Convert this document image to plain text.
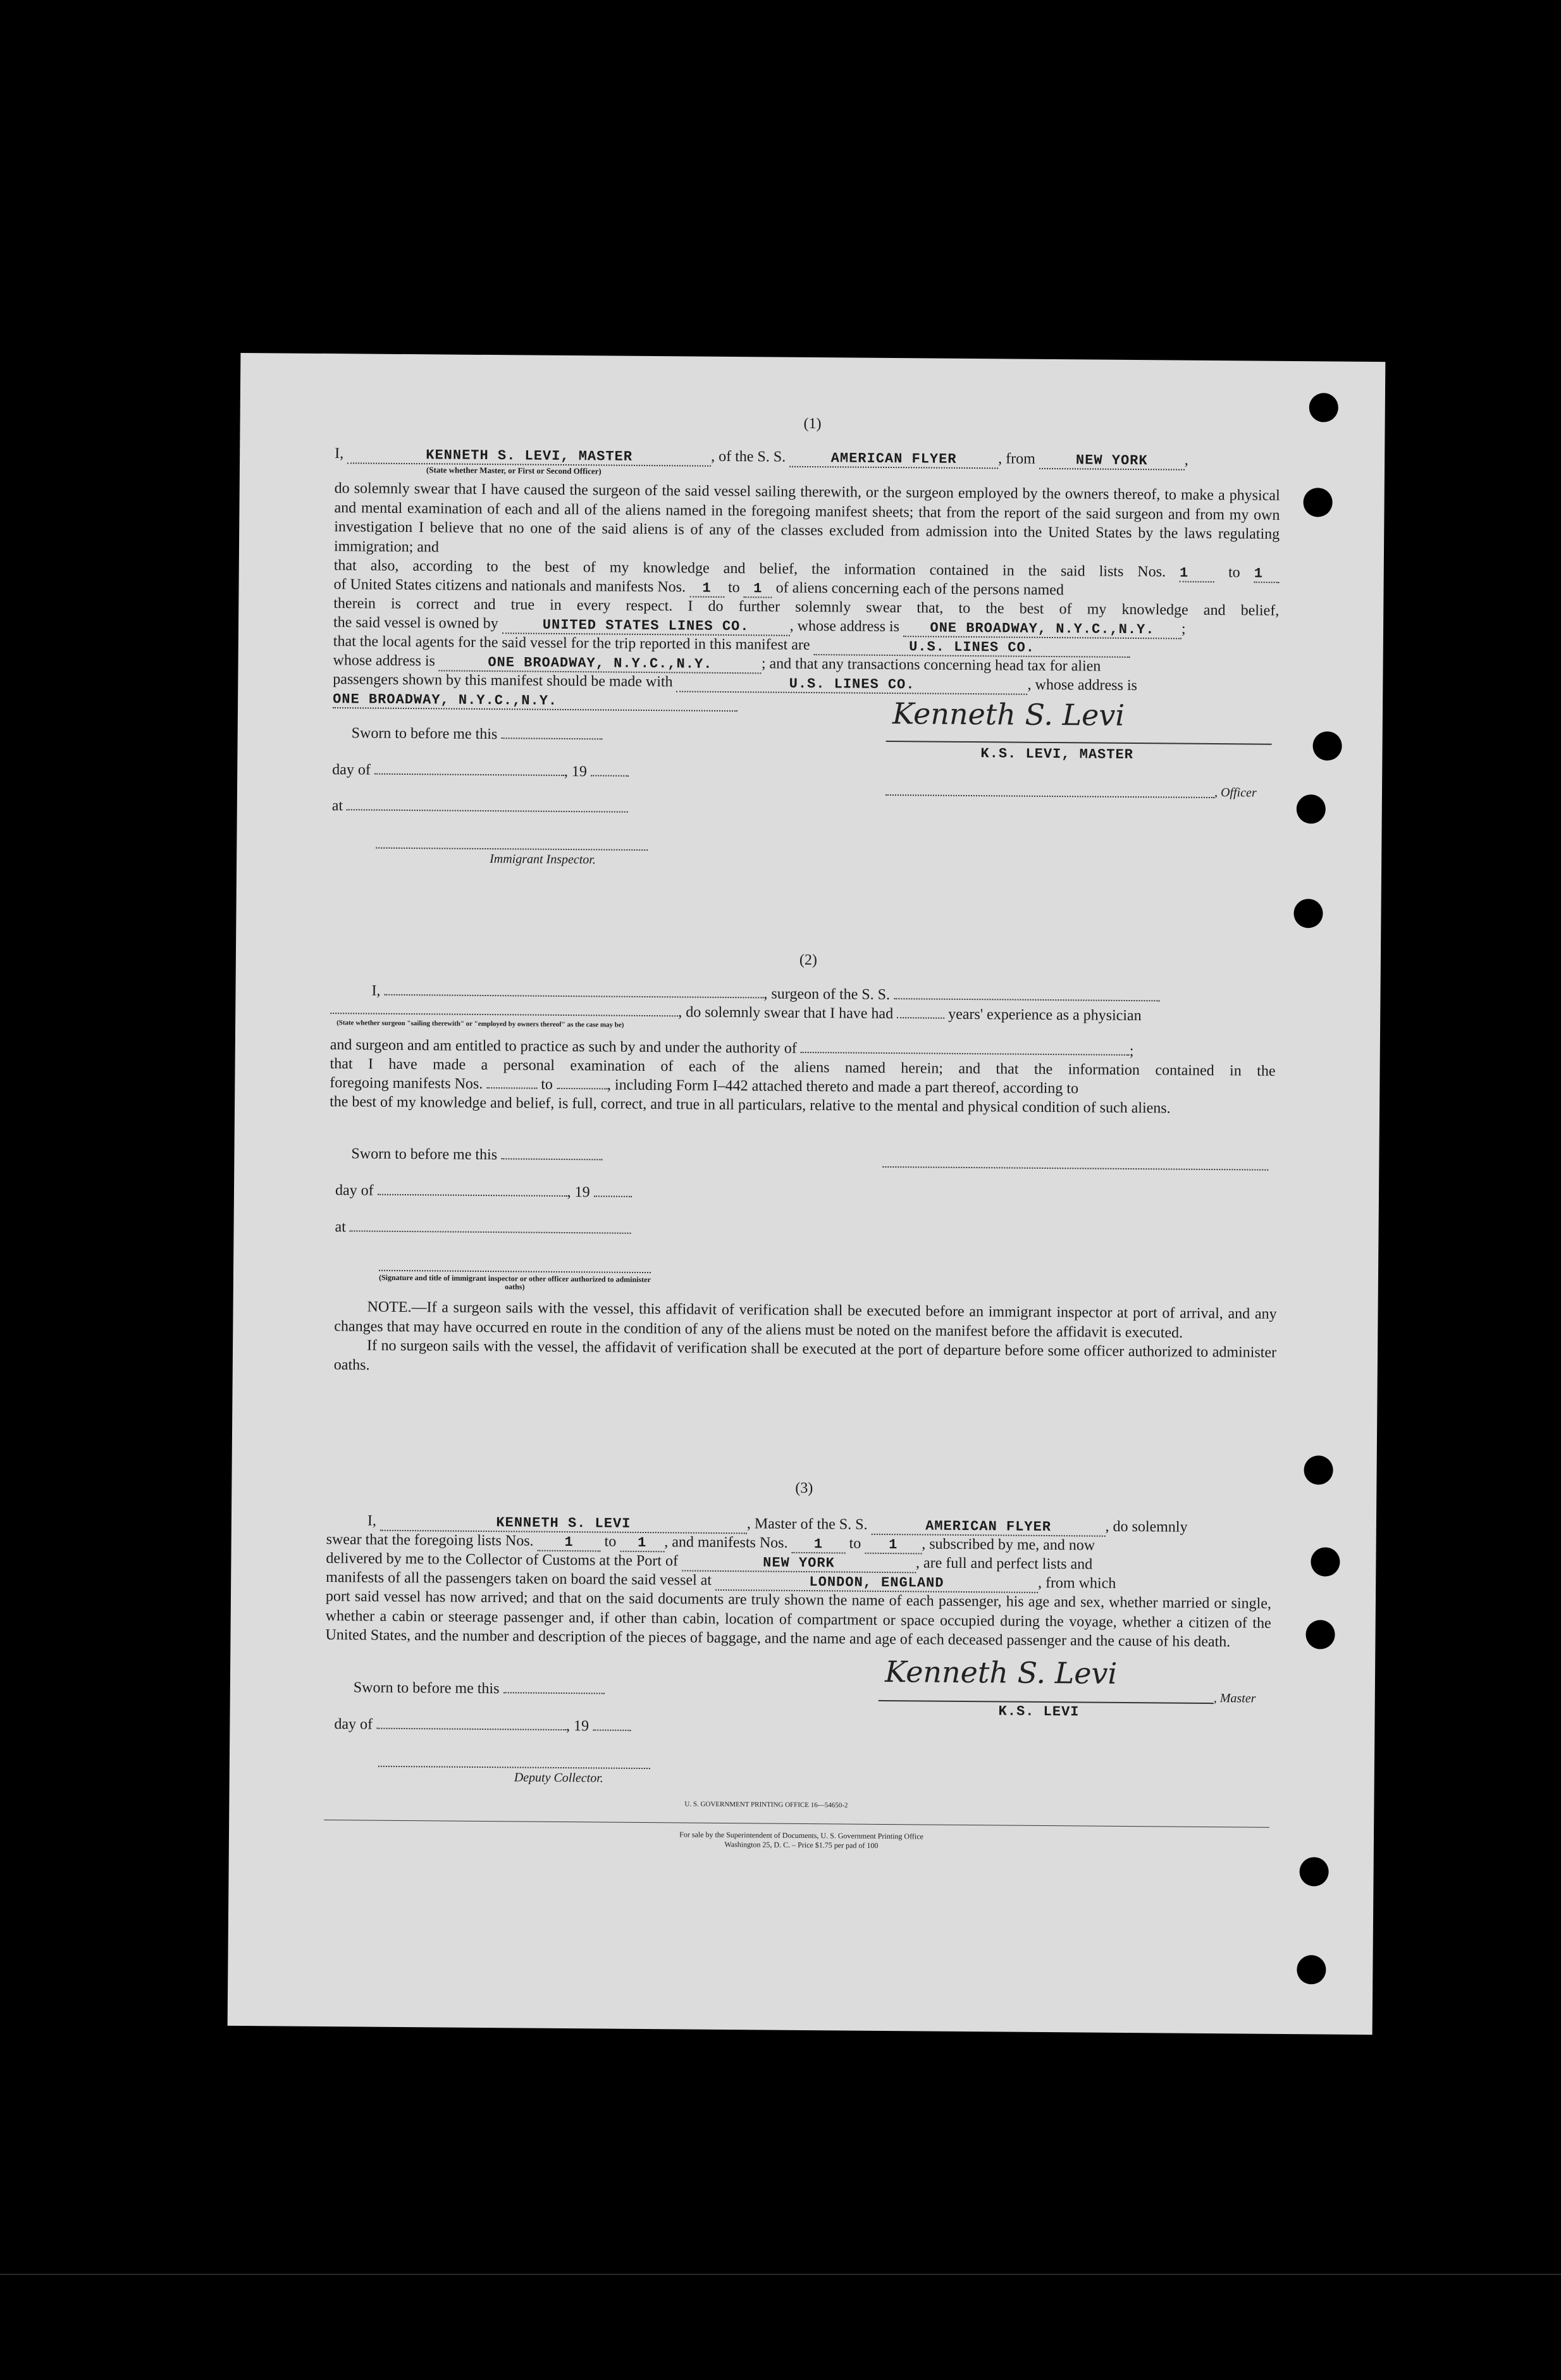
(1)
I,	KENNETH S. LEVI, MASTER	, of the S. S.	AMERICAN FLYER	, from	NEW YORK ,
(State whether Master, or First or Second Officer)

do solemnly swear that I have caused the surgeon of the said vessel sailing therewith, or the surgeon employed by the owners thereof, to make a physical and mental examination of each and all of the aliens named in the foregoing manifest sheets; that from the report of the said surgeon and from my own investigation I believe that no one of the said aliens is of any of the classes excluded from admission into the United States by the laws regulating immigration; and

that also, according to the best of my knowledge and belief, the information contained in the said lists Nos. 1	to 1
of United States citizens and nationals and manifests Nos. 1 to 1 of aliens concerning each of the persons named
therein is correct and true in every respect. I do further solemnly swear that, to the best of my knowledge and belief,
the said vessel is owned by	UNITED STATES LINES CO.	, whose address is ONE BROADWAY, N.Y.C.,N.Y. ;
that the local agents for the said vessel for the trip reported in this manifest are	U.S. LINES CO.
whose address is	ONE BROADWAY, N.Y.C.,N.Y.	; and that any transactions concerning head tax for alien
passengers shown by this manifest should be made with	U.S. LINES CO.	, whose address is
ONE BROADWAY, N.Y.C.,N.Y.
Sworn to before me this
day of	, 19
at
Immigrant Inspector.
Kenneth S. Levi
K.S. LEVI, MASTER
, Officer
(2)
I,	, surgeon of the S. S.
, do solemnly swear that I have had	years' experience as a physician
(State whether surgeon "sailing therewith" or "employed by owners thereof" as the case may be)
and surgeon and am entitled to practice as such by and under the authority of	;
that I have made a personal examination of each of the aliens named herein; and that the information contained in the
foregoing manifests Nos.	to	, including Form I–442 attached thereto and made a part thereof, according to

the best of my knowledge and belief, is full, correct, and true in all particulars, relative to the mental and physical condition of such aliens.

Sworn to before me this
day of	, 19
at
(Signature and title of immigrant inspector or other officer authorized to administer oaths)

NOTE.—If a surgeon sails with the vessel, this affidavit of verification shall be executed before an immigrant inspector at port of arrival, and any changes that may have occurred en route in the condition of any of the aliens must be noted on the manifest before the affidavit is executed.

If no surgeon sails with the vessel, the affidavit of verification shall be executed at the port of departure before some officer authorized to administer oaths.

(3)
I,	KENNETH S. LEVI	, Master of the S. S.	AMERICAN FLYER	, do solemnly
swear that the foregoing lists Nos. 1 to 1 , and manifests Nos. 1 to 1 , subscribed by me, and now
delivered by me to the Collector of Customs at the Port of	NEW YORK	, are full and perfect lists and
manifests of all the passengers taken on board the said vessel at	LONDON, ENGLAND	, from which

port said vessel has now arrived; and that on the said documents are truly shown the name of each passenger, his age and sex, whether married or single, whether a cabin or steerage passenger and, if other than cabin, location of compartment or space occupied during the voyage, whether a citizen of the United States, and the number and description of the pieces of baggage, and the name and age of each deceased passenger and the cause of his death.

Sworn to before me this
day of	, 19
Deputy Collector.
Kenneth S. Levi
, Master
K.S. LEVI
U. S. GOVERNMENT PRINTING OFFICE 16—54650-2
For sale by the Superintendent of Documents, U. S. Government Printing Office
Washington 25, D. C. – Price $1.75 per pad of 100
